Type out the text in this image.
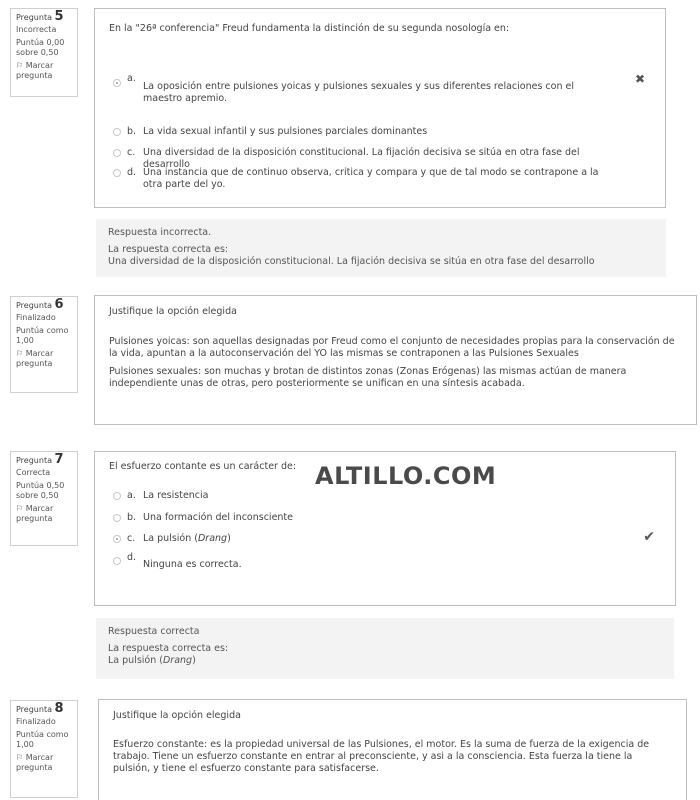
Pregunta 5
Incorrecta
Puntúa 0,00
sobre 0,50
⚐ Marcar pregunta
En la "26ª conferencia" Freud fundamenta la distinción de su segunda nosología en:
a.
La oposición entre pulsiones yoicas y pulsiones sexuales y sus diferentes relaciones con el maestro apremio.
✖
b. La vida sexual infantil y sus pulsiones parciales dominantes
c. Una diversidad de la disposición constitucional. La fijación decisiva se sitúa en otra fase del desarrollo
d. Una instancia que de continuo observa, critica y compara y que de tal modo se contrapone a la otra parte del yo.
Respuesta incorrecta.
La respuesta correcta es:
Una diversidad de la disposición constitucional. La fijación decisiva se sitúa en otra fase del desarrollo
Pregunta 6
Finalizado
Puntúa como
1,00
⚐ Marcar pregunta
Justifique la opción elegida

Pulsiones yoicas: son aquellas designadas por Freud como el conjunto de necesidades propias para la conservación de la vida, apuntan a la autoconservación del YO las mismas se contraponen a las Pulsiones Sexuales

Pulsiones sexuales: son muchas y brotan de distintos zonas (Zonas Erógenas) las mismas actúan de manera independiente unas de otras, pero posteriormente se unifican en una síntesis acabada.

Pregunta 7
Correcta
Puntúa 0,50
sobre 0,50
⚐ Marcar pregunta
El esfuerzo contante es un carácter de:
a. La resistencia
b. Una formación del inconsciente
c. La pulsión (Drang)	✔
d.
Ninguna es correcta.
Respuesta correcta
La respuesta correcta es:
La pulsión (Drang)
Pregunta 8
Finalizado
Puntúa como
1,00
⚐ Marcar pregunta
Justifique la opción elegida

Esfuerzo constante: es la propiedad universal de las Pulsiones, el motor. Es la suma de fuerza de la exigencia de trabajo. Tiene un esfuerzo constante en entrar al preconsciente, y asi a la consciencia. Esta fuerza la tiene la pulsión, y tiene el esfuerzo constante para satisfacerse.

ALTILLO.COM
